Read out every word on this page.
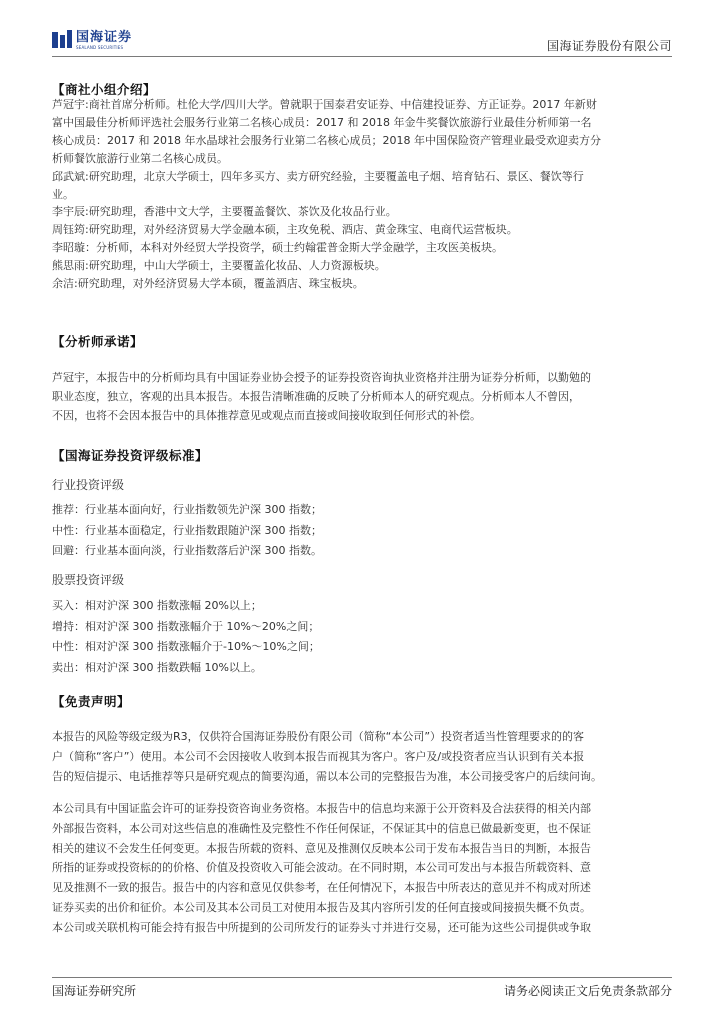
国海证券
SEALAND SECURITIES	国海证券股份有限公司
【商社小组介绍】
芦冠宇:商社首席分析师。杜伦大学/四川大学。曾就职于国泰君安证券、中信建投证券、方正证券。2017 年新财
富中国最佳分析师评选社会服务行业第二名核心成员：2017 和 2018 年金牛奖餐饮旅游行业最佳分析师第一名
核心成员：2017 和 2018 年水晶球社会服务行业第二名核心成员；2018 年中国保险资产管理业最受欢迎卖方分
析师餐饮旅游行业第二名核心成员。
邱武斌:研究助理，北京大学硕士，四年多买方、卖方研究经验，主要覆盖电子烟、培育钻石、景区、餐饮等行
业。
李宇辰:研究助理，香港中文大学，主要覆盖餐饮、茶饮及化妆品行业。
周钰筠:研究助理，对外经济贸易大学金融本硕，主攻免税、酒店、黄金珠宝、电商代运营板块。
李昭璇：分析师，本科对外经贸大学投资学，硕士约翰霍普金斯大学金融学，主攻医美板块。
熊思雨:研究助理，中山大学硕士，主要覆盖化妆品、人力资源板块。
余洁:研究助理，对外经济贸易大学本硕，覆盖酒店、珠宝板块。
【分析师承诺】
芦冠宇，本报告中的分析师均具有中国证券业协会授予的证券投资咨询执业资格并注册为证券分析师，以勤勉的
职业态度，独立，客观的出具本报告。本报告清晰准确的反映了分析师本人的研究观点。分析师本人不曾因，
不因，也将不会因本报告中的具体推荐意见或观点而直接或间接收取到任何形式的补偿。
【国海证券投资评级标准】
行业投资评级
推荐：行业基本面向好，行业指数领先沪深 300 指数；
中性：行业基本面稳定，行业指数跟随沪深 300 指数；
回避：行业基本面向淡，行业指数落后沪深 300 指数。
股票投资评级
买入：相对沪深 300 指数涨幅 20%以上；
增持：相对沪深 300 指数涨幅介于 10%～20%之间；
中性：相对沪深 300 指数涨幅介于-10%～10%之间；
卖出：相对沪深 300 指数跌幅 10%以上。
【免责声明】
本报告的风险等级定级为R3，仅供符合国海证券股份有限公司（简称“本公司”）投资者适当性管理要求的的客
户（简称“客户”）使用。本公司不会因接收人收到本报告而视其为客户。客户及/或投资者应当认识到有关本报
告的短信提示、电话推荐等只是研究观点的简要沟通，需以本公司的完整报告为准，本公司接受客户的后续问询。
本公司具有中国证监会许可的证券投资咨询业务资格。本报告中的信息均来源于公开资料及合法获得的相关内部
外部报告资料，本公司对这些信息的准确性及完整性不作任何保证，不保证其中的信息已做最新变更，也不保证
相关的建议不会发生任何变更。本报告所载的资料、意见及推测仅反映本公司于发布本报告当日的判断，本报告
所指的证券或投资标的的价格、价值及投资收入可能会波动。在不同时期，本公司可发出与本报告所载资料、意
见及推测不一致的报告。报告中的内容和意见仅供参考，在任何情况下，本报告中所表达的意见并不构成对所述
证券买卖的出价和征价。本公司及其本公司员工对使用本报告及其内容所引发的任何直接或间接损失概不负责。
本公司或关联机构可能会持有报告中所提到的公司所发行的证券头寸并进行交易，还可能为这些公司提供或争取
国海证券研究所	请务必阅读正文后免责条款部分
